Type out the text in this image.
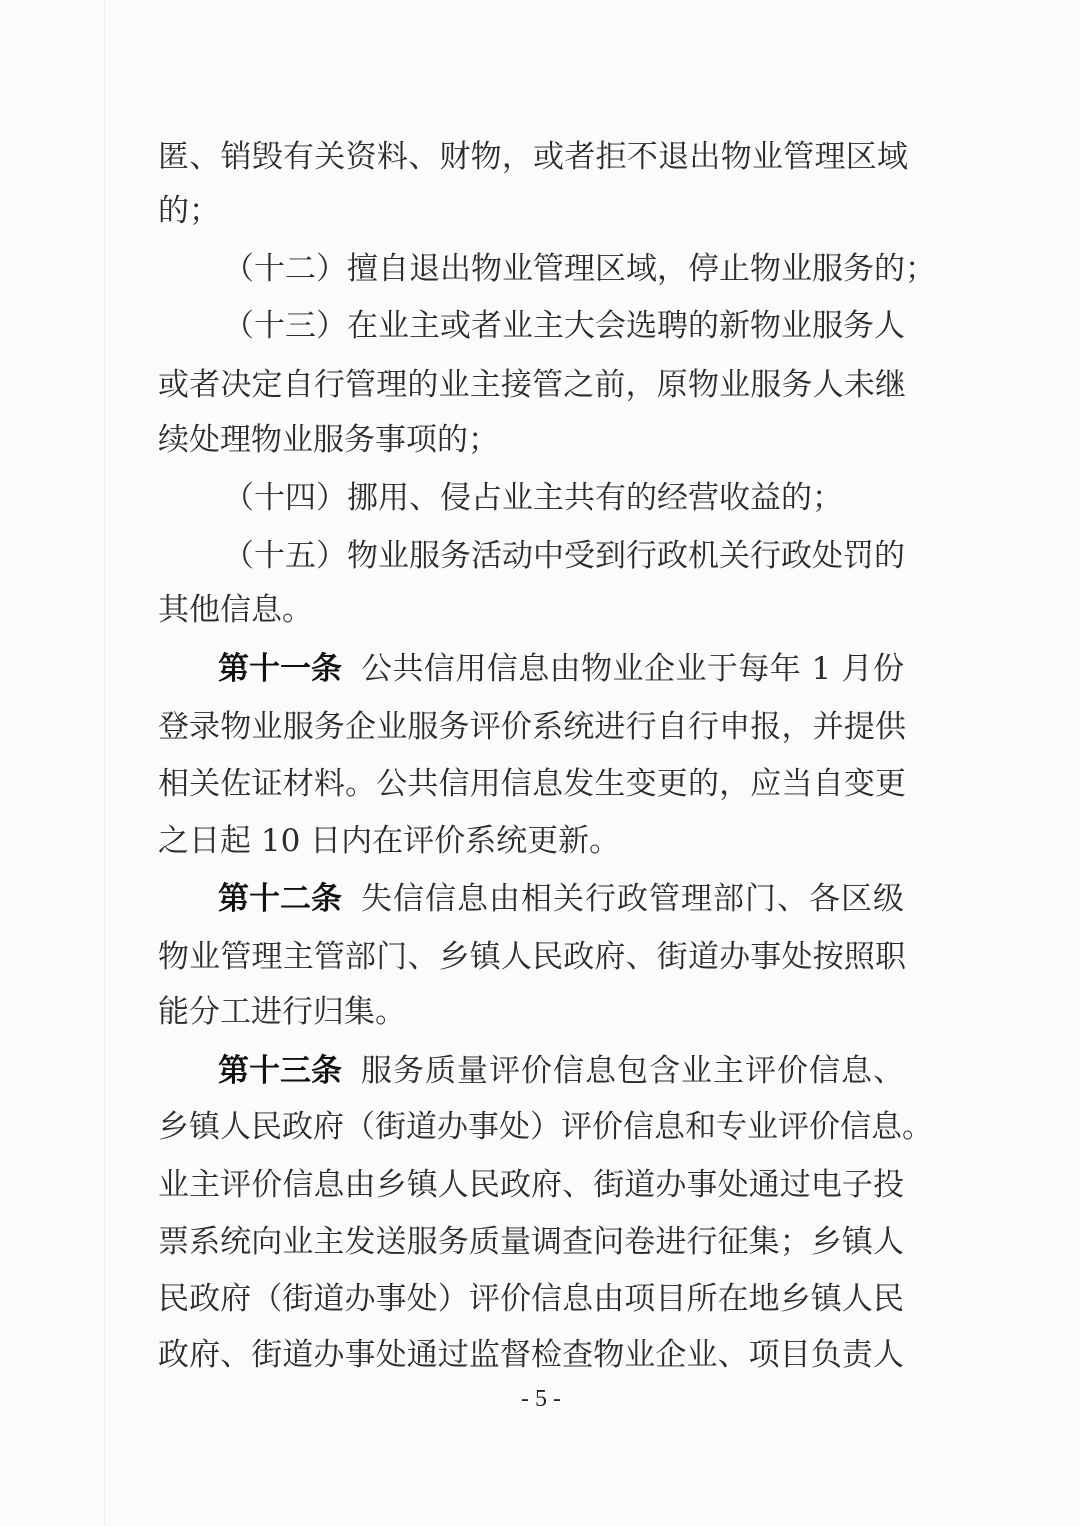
匿、销毁有关资料、财物，或者拒不退出物业管理区域
的；
（十二）擅自退出物业管理区域，停止物业服务的；
（十三）在业主或者业主大会选聘的新物业服务人
或者决定自行管理的业主接管之前，原物业服务人未继
续处理物业服务事项的；
（十四）挪用、侵占业主共有的经营收益的；
（十五）物业服务活动中受到行政机关行政处罚的
其他信息。
第十一条 公共信用信息由物业企业于每年 1 月份
登录物业服务企业服务评价系统进行自行申报，并提供
相关佐证材料。公共信用信息发生变更的，应当自变更
之日起 10 日内在评价系统更新。
第十二条 失信信息由相关行政管理部门、各区级
物业管理主管部门、乡镇人民政府、街道办事处按照职
能分工进行归集。
第十三条 服务质量评价信息包含业主评价信息、
乡镇人民政府（街道办事处）评价信息和专业评价信息。
业主评价信息由乡镇人民政府、街道办事处通过电子投
票系统向业主发送服务质量调查问卷进行征集；乡镇人
民政府（街道办事处）评价信息由项目所在地乡镇人民
政府、街道办事处通过监督检查物业企业、项目负责人
- 5 -
